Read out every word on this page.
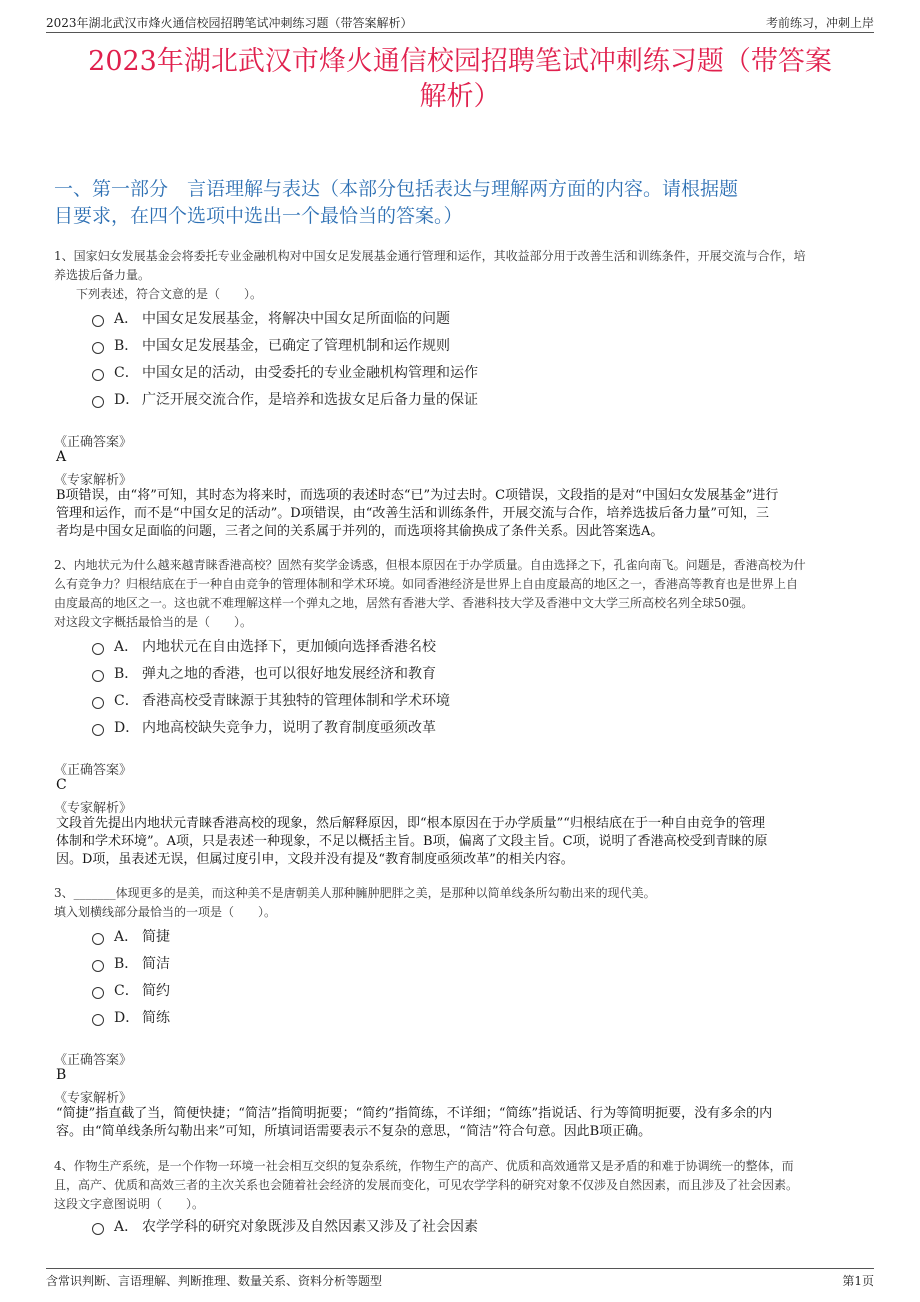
2023年湖北武汉市烽火通信校园招聘笔试冲刺练习题（带答案解析）	考前练习，冲刺上岸
2023年湖北武汉市烽火通信校园招聘笔试冲刺练习题（带答案
解析）
一、第一部分　言语理解与表达（本部分包括表达与理解两方面的内容。请根据题
目要求，在四个选项中选出一个最恰当的答案。）
1、国家妇女发展基金会将委托专业金融机构对中国女足发展基金通行管理和运作，其收益部分用于改善生活和训练条件，开展交流与合作，培
养选拔后备力量。
下列表述，符合文意的是（　　）。
A． 中国女足发展基金，将解决中国女足所面临的问题
B． 中国女足发展基金，已确定了管理机制和运作规则
C． 中国女足的活动，由受委托的专业金融机构管理和运作
D． 广泛开展交流合作，是培养和选拔女足后备力量的保证
《正确答案》
A
《专家解析》
B项错误，由“将”可知，其时态为将来时，而选项的表述时态“已”为过去时。C项错误，文段指的是对“中国妇女发展基金”进行
管理和运作，而不是“中国女足的活动”。D项错误，由“改善生活和训练条件，开展交流与合作，培养选拔后备力量”可知，三
者均是中国女足面临的问题，三者之间的关系属于并列的，而选项将其偷换成了条件关系。因此答案选A。
2、内地状元为什么越来越青睐香港高校？固然有奖学金诱惑，但根本原因在于办学质量。自由选择之下，孔雀向南飞。问题是，香港高校为什
么有竞争力？归根结底在于一种自由竞争的管理体制和学术环境。如同香港经济是世界上自由度最高的地区之一，香港高等教育也是世界上自
由度最高的地区之一。这也就不难理解这样一个弹丸之地，居然有香港大学、香港科技大学及香港中文大学三所高校名列全球50强。
对这段文字概括最恰当的是（　　）。
A． 内地状元在自由选择下，更加倾向选择香港名校
B． 弹丸之地的香港，也可以很好地发展经济和教育
C． 香港高校受青睐源于其独特的管理体制和学术环境
D． 内地高校缺失竞争力，说明了教育制度亟须改革
《正确答案》
C
《专家解析》
文段首先提出内地状元青睐香港高校的现象，然后解释原因，即“根本原因在于办学质量”“归根结底在于一种自由竞争的管理
体制和学术环境”。A项，只是表述一种现象，不足以概括主旨。B项，偏离了文段主旨。C项，说明了香港高校受到青睐的原
因。D项，虽表述无误，但属过度引申，文段并没有提及“教育制度亟须改革”的相关内容。
3、_______体现更多的是美，而这种美不是唐朝美人那种臃肿肥胖之美，是那种以简单线条所勾勒出来的现代美。
填入划横线部分最恰当的一项是（　　）。
A． 简捷
B． 简洁
C． 简约
D． 简练
《正确答案》
B
《专家解析》
“简捷”指直截了当，简便快捷；“简洁”指简明扼要；“简约”指简练，不详细；“简练”指说话、行为等简明扼要，没有多余的内
容。由“简单线条所勾勒出来”可知，所填词语需要表示不复杂的意思，“简洁”符合句意。因此B项正确。
4、作物生产系统，是一个作物一环境一社会相互交织的复杂系统，作物生产的高产、优质和高效通常又是矛盾的和难于协调统一的整体，而
且，高产、优质和高效三者的主次关系也会随着社会经济的发展而变化，可见农学学科的研究对象不仅涉及自然因素，而且涉及了社会因素。
这段文字意图说明（　　）。
A． 农学学科的研究对象既涉及自然因素又涉及了社会因素
含常识判断、言语理解、判断推理、数量关系、资料分析等题型	第1页
